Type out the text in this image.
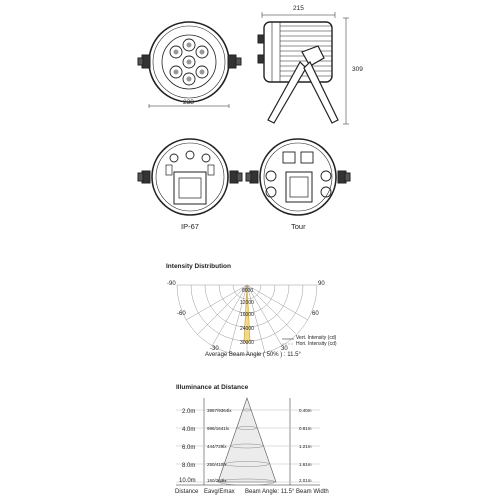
215
309
238
IP-67	Tour
Intensity Distribution
-90	90
-60	60
-30	30
8000
12000
16000
24000
30000
Vert. Intensity (cd)
Hori. Intensity (cd)
Average Beam Angle ( 50% ) : 11.5°
Illuminance at Distance
2.0m	3867/9364lx	0.40m
4.0m	986/1641lx	0.81m
6.0m	444/729lx	1.21m
8.0m	250/410lx	1.61m
10.0m	160/263lx	2.01m
Distance Eavg/Emax Beam Angle: 11.5° Beam Width
